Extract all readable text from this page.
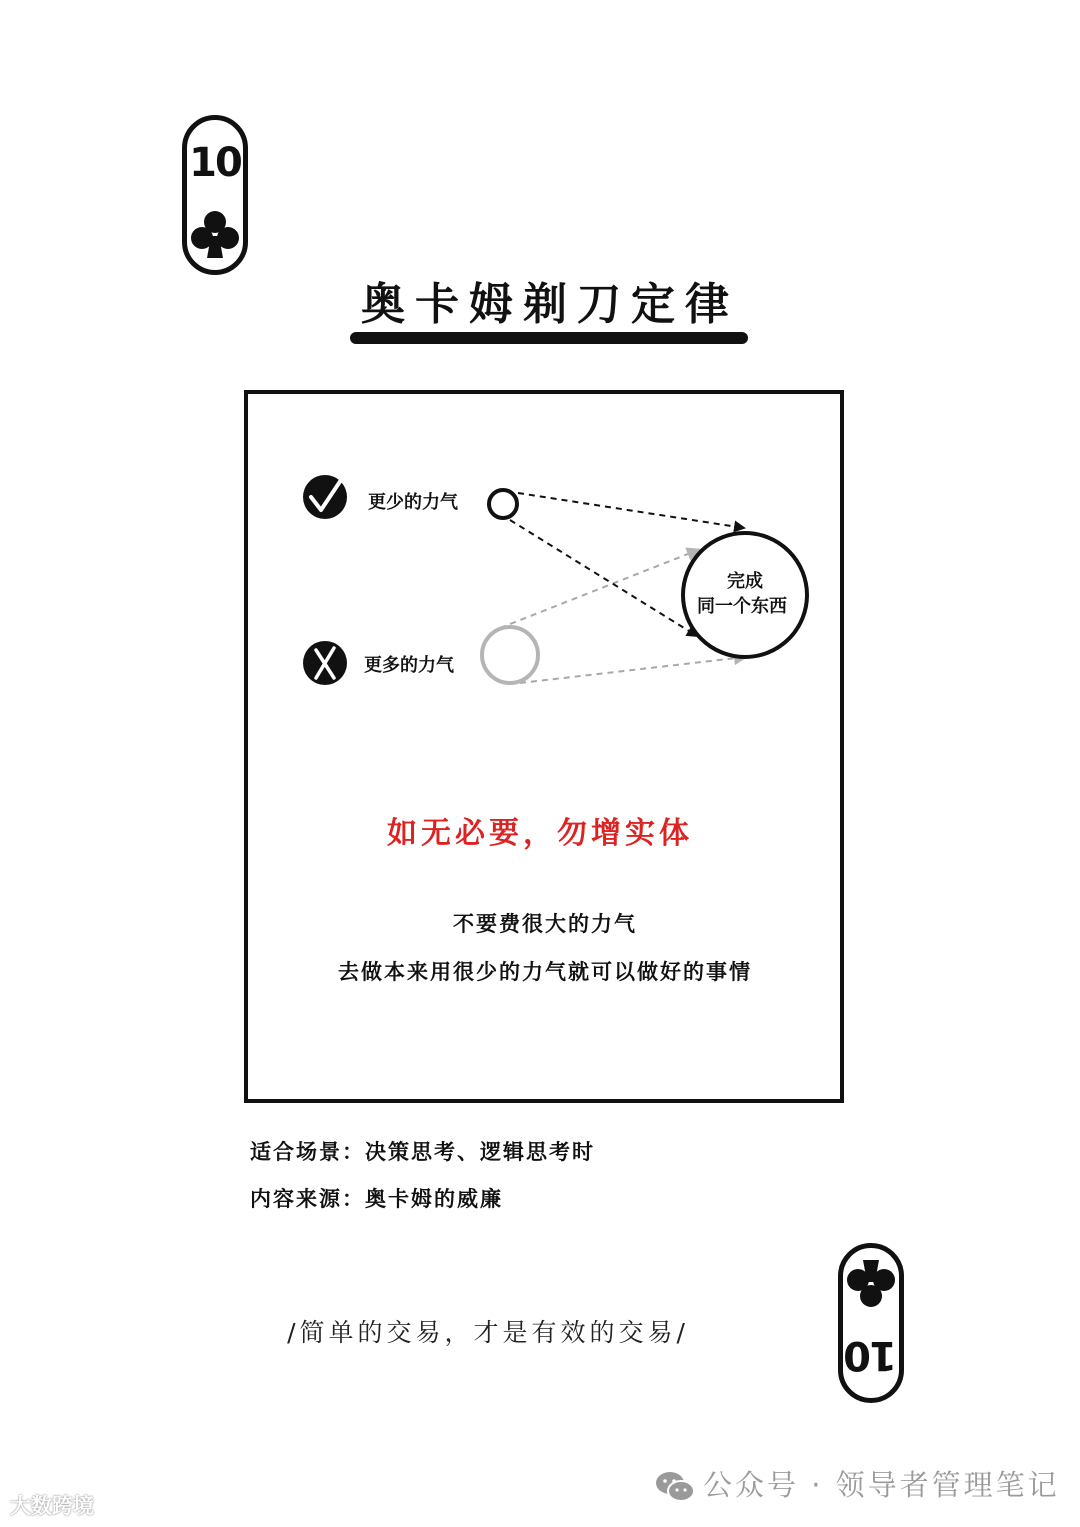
10
奥卡姆剃刀定律
更少的力气
更多的力气
完成
同一个东西
如无必要，勿增实体
不要费很大的力气
去做本来用很少的力气就可以做好的事情
适合场景：决策思考、逻辑思考时
内容来源：奥卡姆的威廉
/简单的交易，才是有效的交易/	10
公众号 · 领导者管理笔记
大数跨境
